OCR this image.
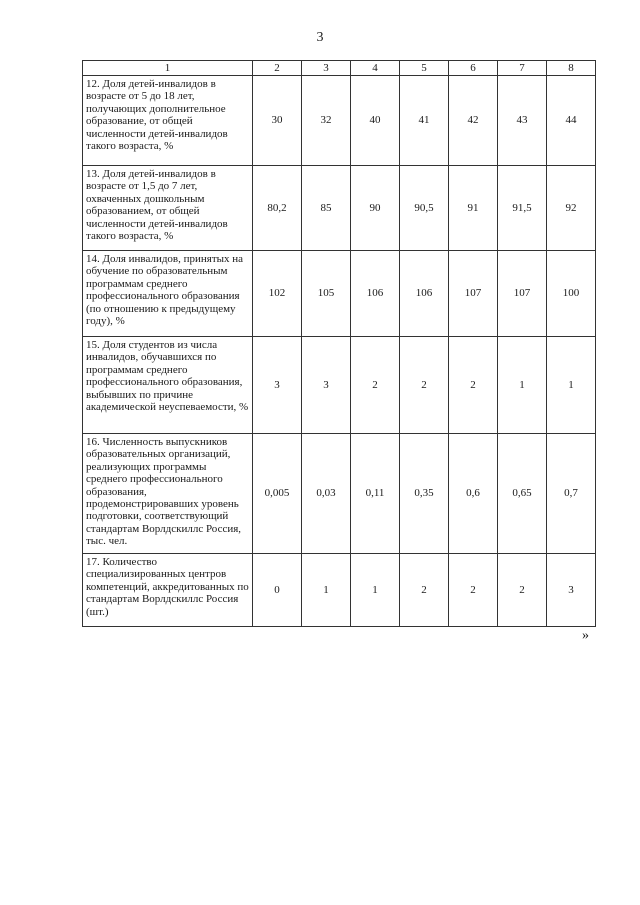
3
1	2	3	4	5	6	7	8
12. Доля детей-инвалидов в возрасте от 5 до 18 лет, получающих дополнительное образование, от общей численности детей-инвалидов такого возраста, %	30	32	40	41	42	43	44
13. Доля детей-инвалидов в возрасте от 1,5 до 7 лет, охваченных дошкольным образованием, от общей численности детей-инвалидов такого возраста, %	80,2	85	90	90,5	91	91,5	92
14. Доля инвалидов, принятых на обучение по образовательным программам среднего профессионального образования (по отношению к предыдущему году), %	102	105	106	106	107	107	100
15. Доля студентов из числа инвалидов, обучавшихся по программам среднего профессионального образования, выбывших по причине академической неуспеваемости, %	3	3	2	2	2	1	1
16. Численность выпускников образовательных организаций, реализующих программы среднего профессионального образования, продемонстрировавших уровень подготовки, соответствующий стандартам Ворлдскиллс Россия, тыс. чел.	0,005	0,03	0,11	0,35	0,6	0,65	0,7
17. Количество специализированных центров компетенций, аккредитованных по стандартам Ворлдскиллс Россия (шт.)	0	1	1	2	2	2	3
»
